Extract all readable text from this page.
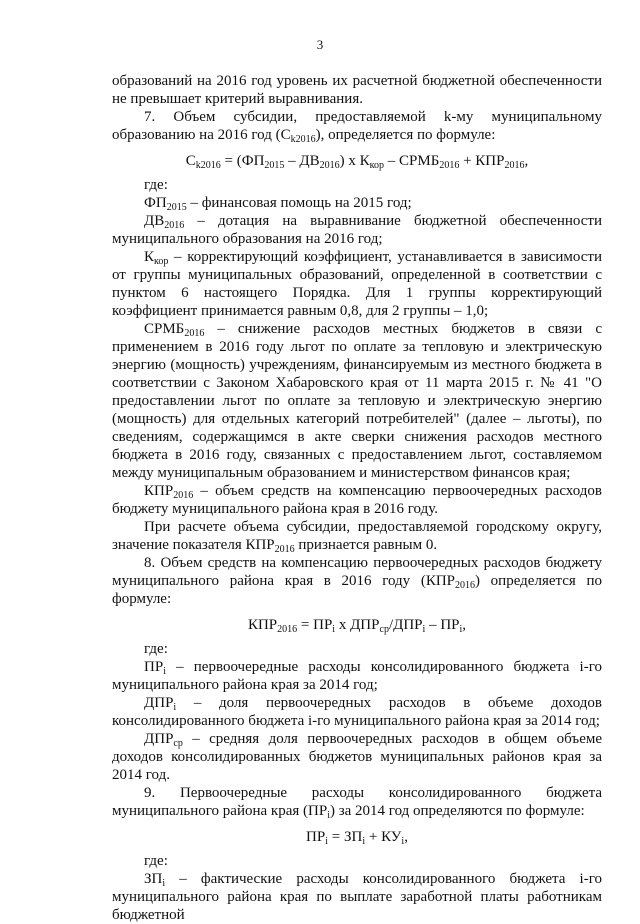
3

образований на 2016 год уровень их расчетной бюджетной обеспеченности не превышает критерий выравнивания.

7. Объем субсидии, предоставляемой k-му муниципальному образованию на 2016 год $(С_{k2016})$, определяется по формуле:

$С_{k2016} = (ФП_{2015} - ДВ_{2016})$ х $К_{кор}$ – $СРМБ_{2016} + КПР_{2016}$,

где:

$ФП_{2015}$ – финансовая помощь на 2015 год;

$ДВ_{2016}$ – дотация на выравнивание бюджетной обеспеченности муниципального образования на 2016 год;

$К_{кор}$ – корректирующий коэффициент, устанавливается в зависимости от группы муниципальных образований, определенной в соответствии с пунктом 6 настоящего Порядка. Для 1 группы корректирующий коэффициент принимается равным 0,8, для 2 группы – 1,0;

$СРМБ_{2016}$ – снижение расходов местных бюджетов в связи с применением в 2016 году льгот по оплате за тепловую и электрическую энергию (мощность) учреждениям, финансируемым из местного бюджета в соответствии с Законом Хабаровского края от 11 марта 2015 г. № 41 "О предоставлении льгот по оплате за тепловую и электрическую энергию (мощность) для отдельных категорий потребителей" (далее – льготы), по сведениям, содержащимся в акте сверки снижения расходов местного бюджета в 2016 году, связанных с предоставлением льгот, составляемом между муниципальным образованием и министерством финансов края;

$КПР_{2016}$ – объем средств на компенсацию первоочередных расходов бюджету муниципального района края в 2016 году.

При расчете объема субсидии, предоставляемой городскому округу, значение показателя $КПР_{2016}$ признается равным 0.

8. Объем средств на компенсацию первоочередных расходов бюджету муниципального района края в 2016 году $(КПР_{2016})$ определяется по формуле:

$КПР_{2016} = ПР_i$ х $ДПР_{ср}/ДПР_i - ПР_i$,

где:

$ПР_i$ – первоочередные расходы консолидированного бюджета i-го муниципального района края за 2014 год;

$ДПР_i$ – доля первоочередных расходов в объеме доходов консолидированного бюджета i-го муниципального района края за 2014 год;

$ДПР_{ср}$ – средняя доля первоочередных расходов в общем объеме доходов консолидированных бюджетов муниципальных районов края за 2014 год.

9. Первоочередные расходы консолидированного бюджета муниципального района края $(ПР_i)$ за 2014 год определяются по формуле:

$ПР_i = ЗП_i + КУ_i$,

где:

$ЗП_i$ – фактические расходы консолидированного бюджета i-го муниципального района края по выплате заработной платы работникам бюджетной
